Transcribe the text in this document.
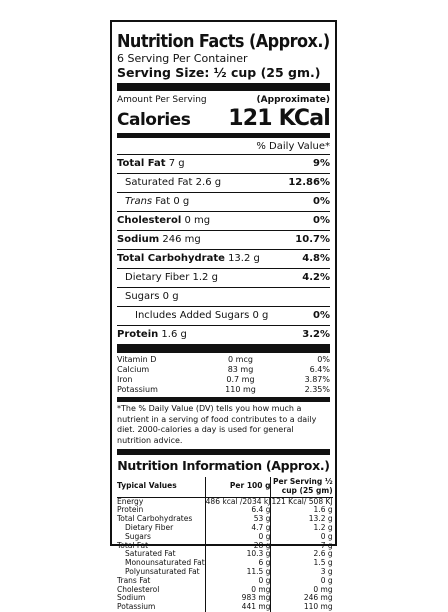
Nutrition Facts (Approx.)
6 Serving Per Container
Serving Size: ½ cup (25 gm.)
Amount Per Serving	(Approximate)
Calories 121 KCal
% Daily Value*
Total Fat 7 g	9%
Saturated Fat 2.6 g	12.86%
Trans Fat 0 g	0%
Cholesterol 0 mg	0%
Sodium 246 mg	10.7%
Total Carbohydrate 13.2 g	4.8%
Dietary Fiber 1.2 g	4.2%
Sugars 0 g
Includes Added Sugars 0 g	0%
Protein 1.6 g	3.2%
Vitamin D	0 mcg	0%
Calcium	83 mg	6.4%
Iron	0.7 mg	3.87%
Potassium	110 mg	2.35%
*The % Daily Value (DV) tells you how much a nutrient in a serving of food contributes to a daily diet. 2000-calories a day is used for general nutrition advice.
Nutrition Information (Approx.)
Typical Values	Per 100 g	Per Serving ½ cup (25 gm)
Energy	486 kcal /2034 kJ	121 Kcal/ 508 KJ
Protein	6.4 g	1.6 g
Total Carbohydrates	53 g	13.2 g
Dietary Fiber	4.7 g	1.2 g
Sugars	0 g	0 g
Total Fat	28 g	7 g
Saturated Fat	10.3 g	2.6 g
Monounsaturated Fat	6 g	1.5 g
Polyunsaturated Fat	11.5 g	3 g
Trans Fat	0 g	0 g
Cholesterol	0 mg	0 mg
Sodium	983 mg	246 mg
Potassium	441 mg	110 mg
